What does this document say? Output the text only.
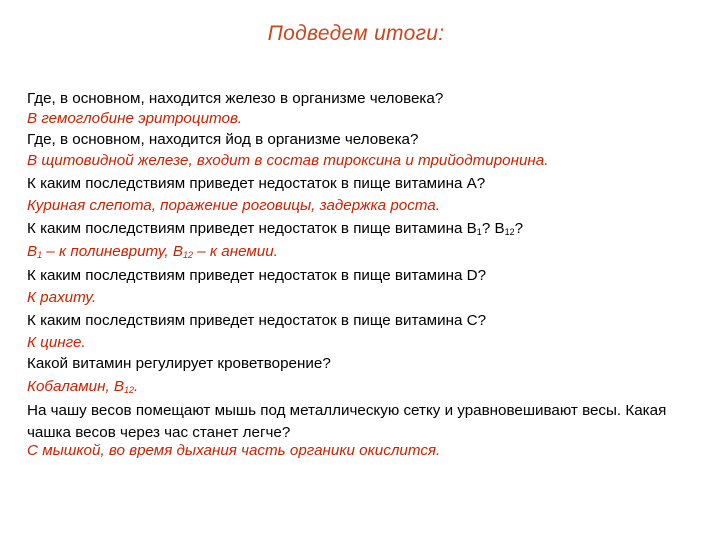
Подведем итоги:
Где, в основном, находится железо в организме человека?
В гемоглобине эритроцитов.
Где, в основном, находится йод в организме человека?
В щитовидной железе, входит в состав тироксина и трийодтиронина.
К каким последствиям приведет недостаток в пище витамина А?
Куриная слепота, поражение роговицы, задержка роста.
К каким последствиям приведет недостаток в пище витамина $В_1$? $В_{12}$?
$В_1$ – к полиневриту, $В_{12}$ – к анемии.
К каким последствиям приведет недостаток в пище витамина D?
К рахиту.
К каким последствиям приведет недостаток в пище витамина С?
К цинге.
Какой витамин регулирует кроветворение?
Кобаламин, $В_{12}$.
На чашу весов помещают мышь под металлическую сетку и уравновешивают весы. Какая чашка весов через час станет легче?
С мышкой, во время дыхания часть органики окислится.
